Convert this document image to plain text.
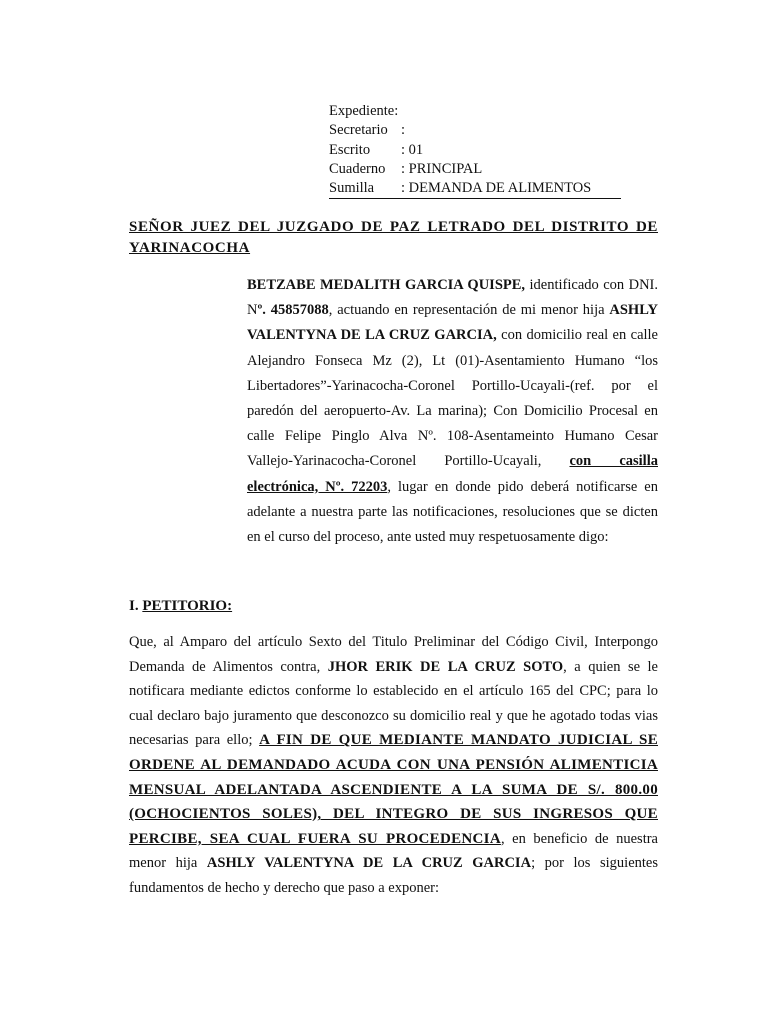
Expediente:
Secretario :
Escrito : 01
Cuaderno : PRINCIPAL
Sumilla : DEMANDA DE ALIMENTOS
SEÑOR JUEZ DEL JUZGADO DE PAZ LETRADO DEL DISTRITO DE YARINACOCHA
BETZABE MEDALITH GARCIA QUISPE, identificado con DNI. Nº. 45857088, actuando en representación de mi menor hija ASHLY VALENTYNA DE LA CRUZ GARCIA, con domicilio real en calle Alejandro Fonseca Mz (2), Lt (01)-Asentamiento Humano “los Libertadores”-Yarinacocha-Coronel Portillo-Ucayali-(ref. por el paredón del aeropuerto-Av. La marina); Con Domicilio Procesal en calle Felipe Pinglo Alva Nº. 108-Asentameinto Humano Cesar Vallejo-Yarinacocha-Coronel Portillo-Ucayali, con casilla electrónica, Nº. 72203, lugar en donde pido deberá notificarse en adelante a nuestra parte las notificaciones, resoluciones que se dicten en el curso del proceso, ante usted muy respetuosamente digo:
I. PETITORIO:
Que, al Amparo del artículo Sexto del Titulo Preliminar del Código Civil, Interpongo Demanda de Alimentos contra, JHOR ERIK DE LA CRUZ SOTO, a quien se le notificara mediante edictos conforme lo establecido en el artículo 165 del CPC; para lo cual declaro bajo juramento que desconozco su domicilio real y que he agotado todas vias necesarias para ello; A FIN DE QUE MEDIANTE MANDATO JUDICIAL SE ORDENE AL DEMANDADO ACUDA CON UNA PENSIÓN ALIMENTICIA MENSUAL ADELANTADA ASCENDIENTE A LA SUMA DE S/. 800.00 (OCHOCIENTOS SOLES), DEL INTEGRO DE SUS INGRESOS QUE PERCIBE, SEA CUAL FUERA SU PROCEDENCIA, en beneficio de nuestra menor hija ASHLY VALENTYNA DE LA CRUZ GARCIA; por los siguientes fundamentos de hecho y derecho que paso a exponer:
